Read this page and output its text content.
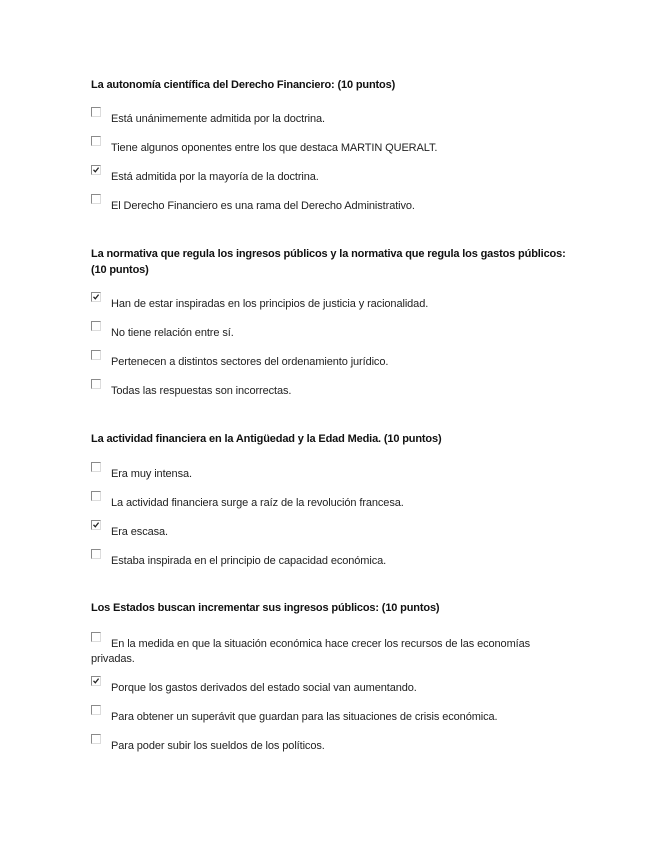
La autonomía científica del Derecho Financiero: (10 puntos)

Está unánimemente admitida por la doctrina.
Tiene algunos oponentes entre los que destaca MARTIN QUERALT.
Está admitida por la mayoría de la doctrina.
El Derecho Financiero es una rama del Derecho Administrativo.

La normativa que regula los ingresos públicos y la normativa que regula los gastos públicos: (10 puntos)

Han de estar inspiradas en los principios de justicia y racionalidad.
No tiene relación entre sí.
Pertenecen a distintos sectores del ordenamiento jurídico.
Todas las respuestas son incorrectas.

La actividad financiera en la Antigüedad y la Edad Media. (10 puntos)

Era muy intensa.
La actividad financiera surge a raíz de la revolución francesa.
Era escasa.
Estaba inspirada en el principio de capacidad económica.

Los Estados buscan incrementar sus ingresos públicos: (10 puntos)

En la medida en que la situación económica hace crecer los recursos de las economías privadas.
Porque los gastos derivados del estado social van aumentando.
Para obtener un superávit que guardan para las situaciones de crisis económica.
Para poder subir los sueldos de los políticos.
